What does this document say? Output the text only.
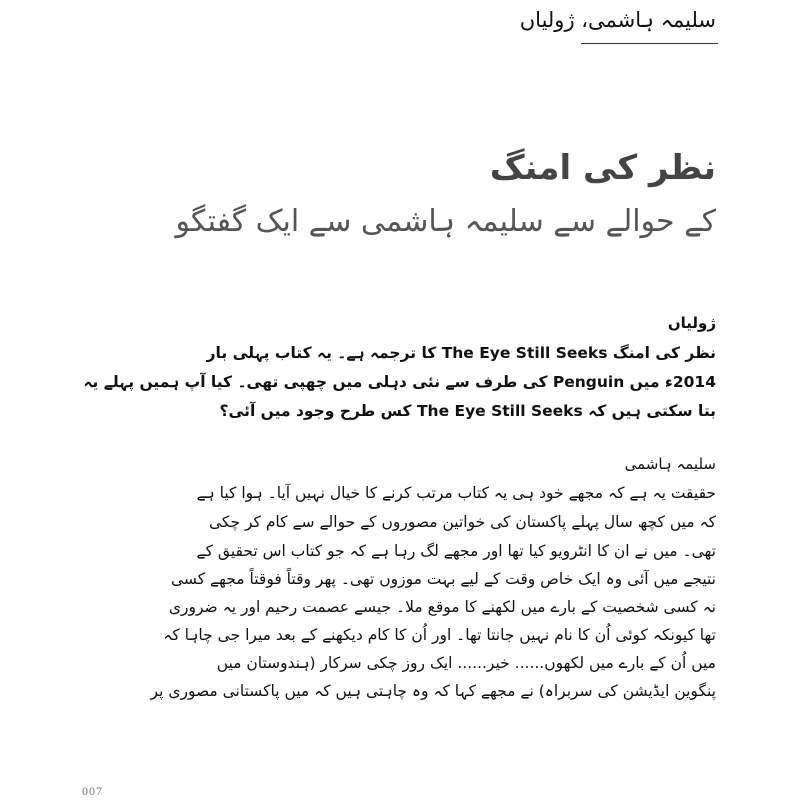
سلیمہ ہاشمی، ژولیاں
نظر کی امنگ
کے حوالے سے سلیمہ ہاشمی سے ایک گفتگو
ژولیاں
نظر کی امنگ The Eye Still Seeks کا ترجمہ ہے۔ یہ کتاب پہلی بار
2014ء میں Penguin کی طرف سے نئی دہلی میں چھپی تھی۔ کیا آپ ہمیں پہلے یہ
بتا سکتی ہیں کہ The Eye Still Seeks کس طرح وجود میں آئی؟
سلیمہ ہاشمی
حقیقت یہ ہے کہ مجھے خود ہی یہ کتاب مرتب کرنے کا خیال نہیں آیا۔ ہوا کیا ہے
کہ میں کچھ سال پہلے پاکستان کی خواتین مصوروں کے حوالے سے کام کر چکی
تھی۔ میں نے ان کا انٹرویو کیا تھا اور مجھے لگ رہا ہے کہ جو کتاب اس تحقیق کے
نتیجے میں آئی وہ ایک خاص وقت کے لیے بہت موزوں تھی۔ پھر وقتاً فوقتاً مجھے کسی
نہ کسی شخصیت کے بارے میں لکھنے کا موقع ملا۔ جیسے عصمت رحیم اور یہ ضروری
تھا کیونکہ کوئی اُن کا نام نہیں جانتا تھا۔ اور اُن کا کام دیکھنے کے بعد میرا جی چاہا کہ
میں اُن کے بارے میں لکھوں...... خیر...... ایک روز چکی سرکار (ہندوستان میں
پنگوین ایڈیشن کی سربراہ) نے مجھے کہا کہ وہ چاہتی ہیں کہ میں پاکستانی مصوری پر
007
